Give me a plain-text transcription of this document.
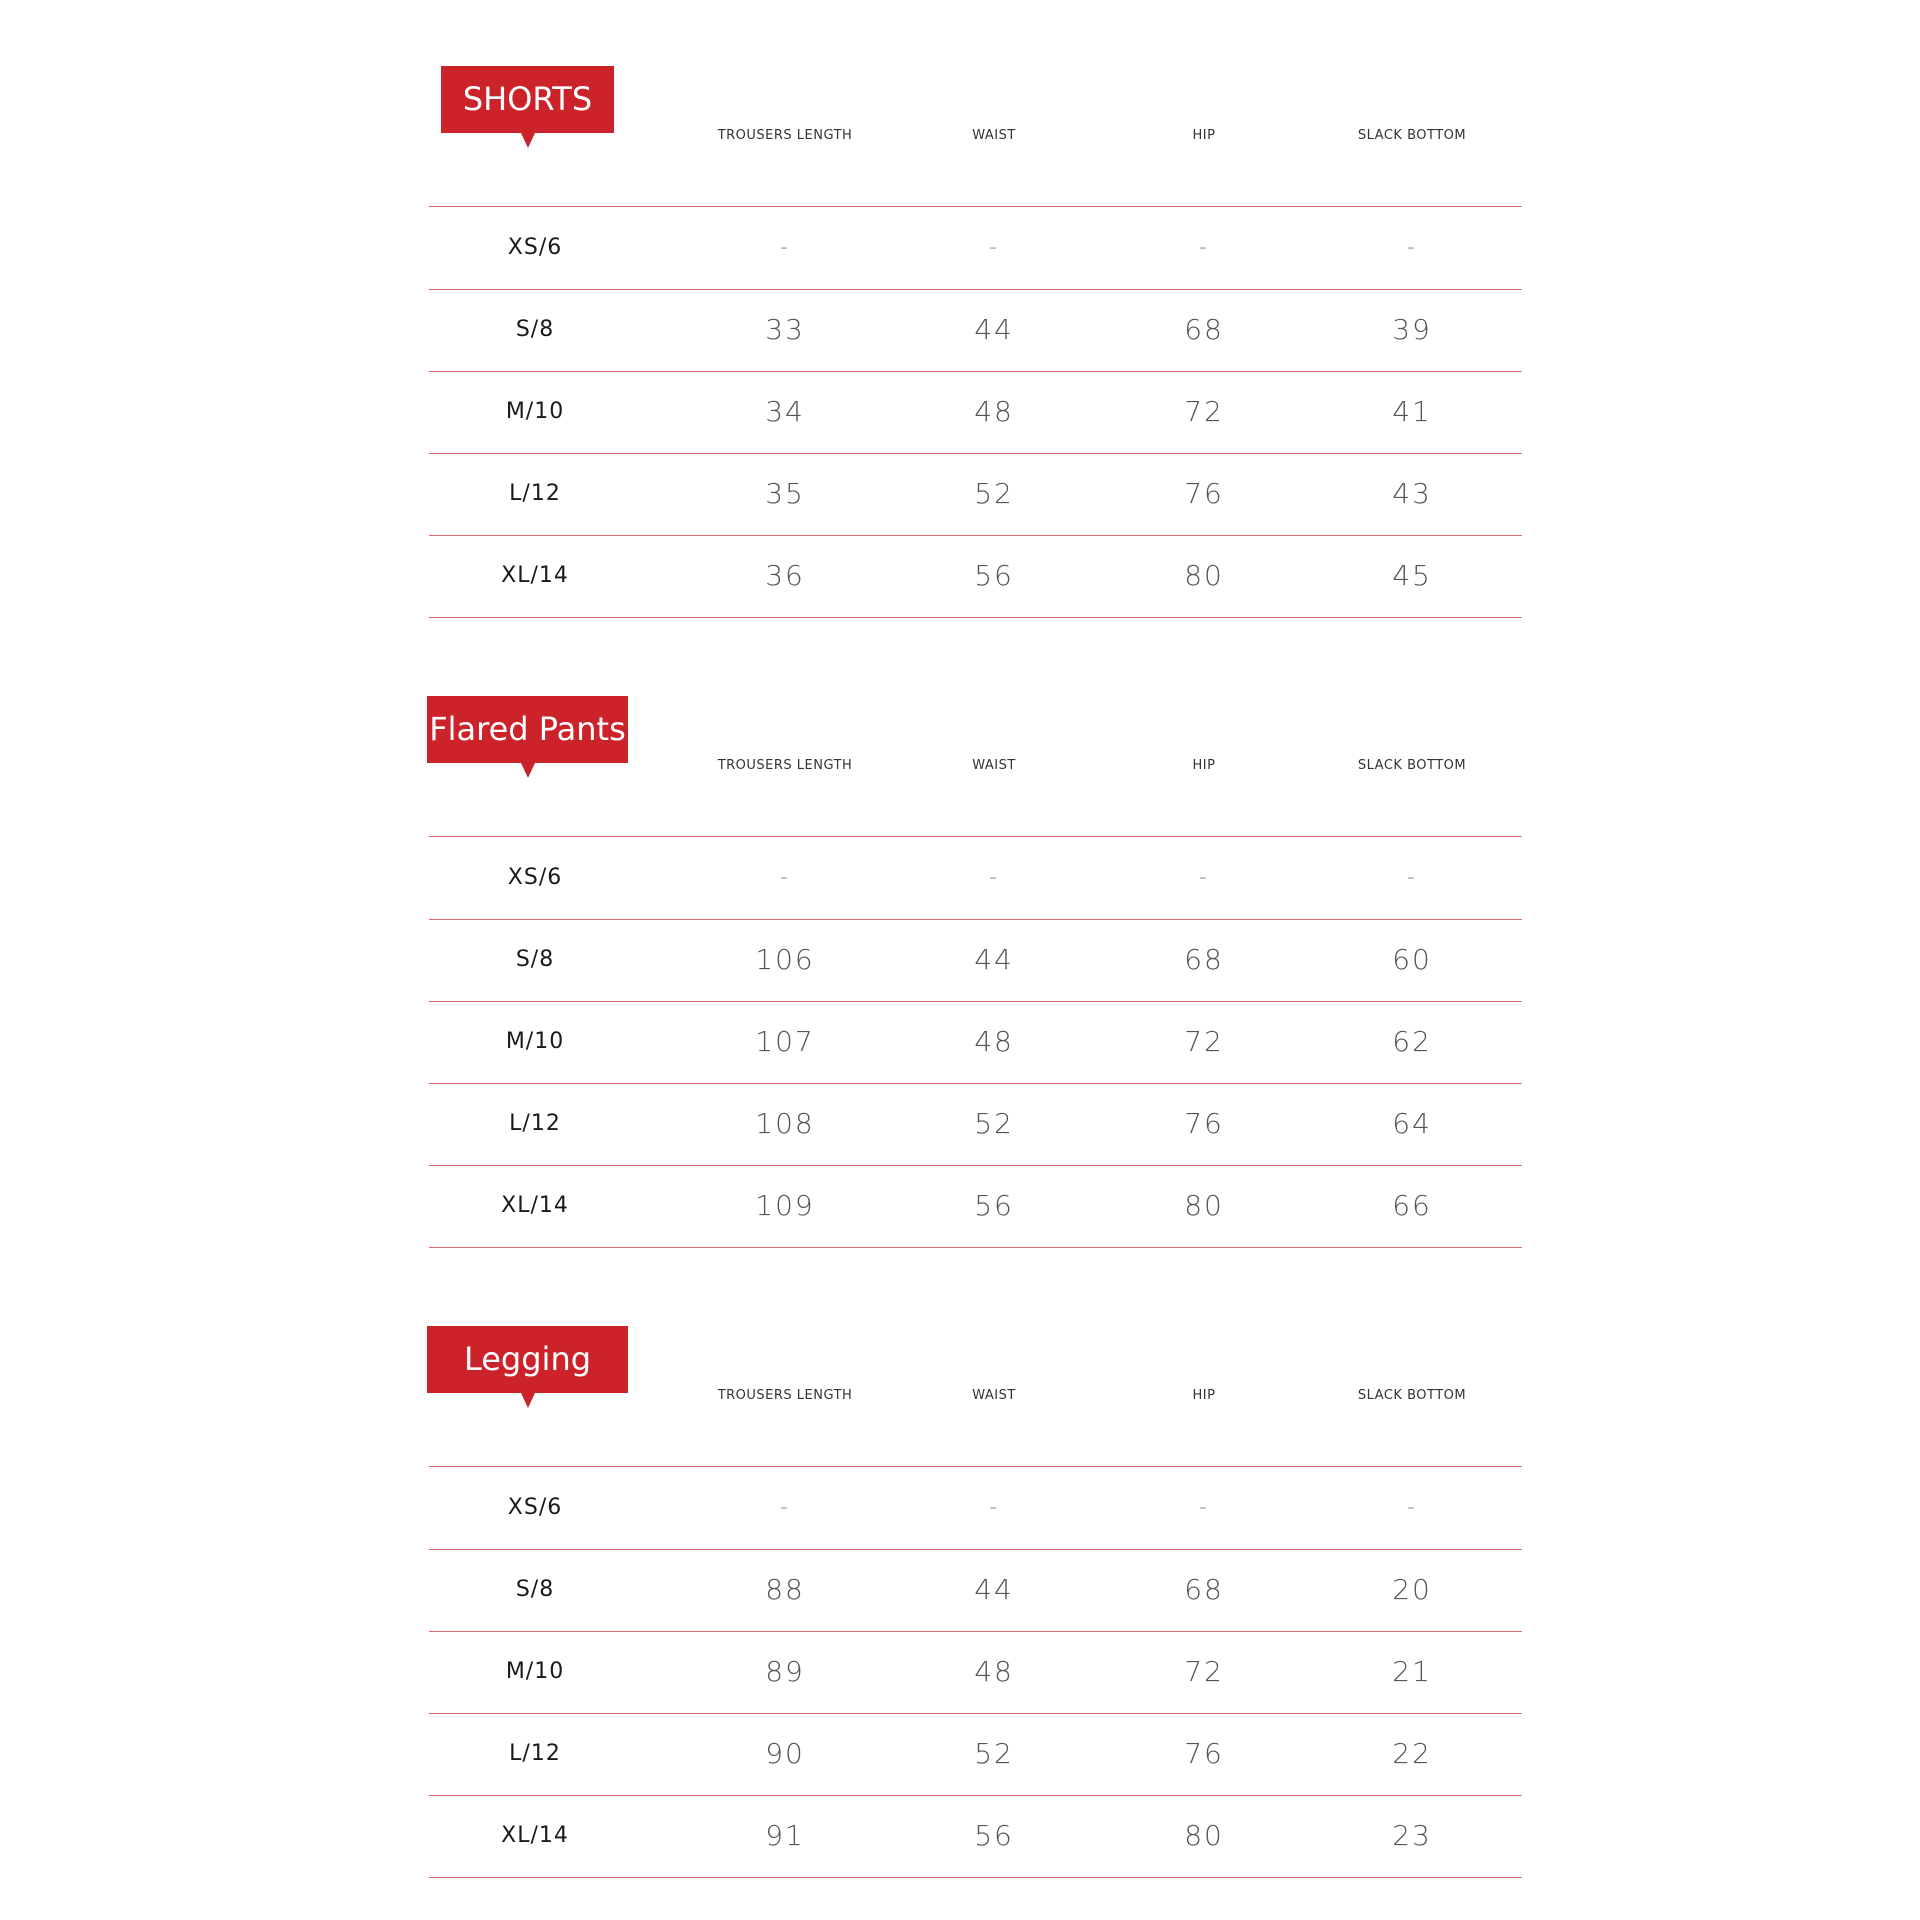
SHORTS
TROUSERS LENGTH	WAIST	HIP	SLACK BOTTOM
XS/6	-	-	-	-
S/8	33	44	68	39
M/10	34	48	72	41
L/12	35	52	76	43
XL/14	36	56	80	45
Flared Pants
TROUSERS LENGTH	WAIST	HIP	SLACK BOTTOM
XS/6	-	-	-	-
S/8	106	44	68	60
M/10	107	48	72	62
L/12	108	52	76	64
XL/14	109	56	80	66
Legging
TROUSERS LENGTH	WAIST	HIP	SLACK BOTTOM
XS/6	-	-	-	-
S/8	88	44	68	20
M/10	89	48	72	21
L/12	90	52	76	22
XL/14	91	56	80	23
